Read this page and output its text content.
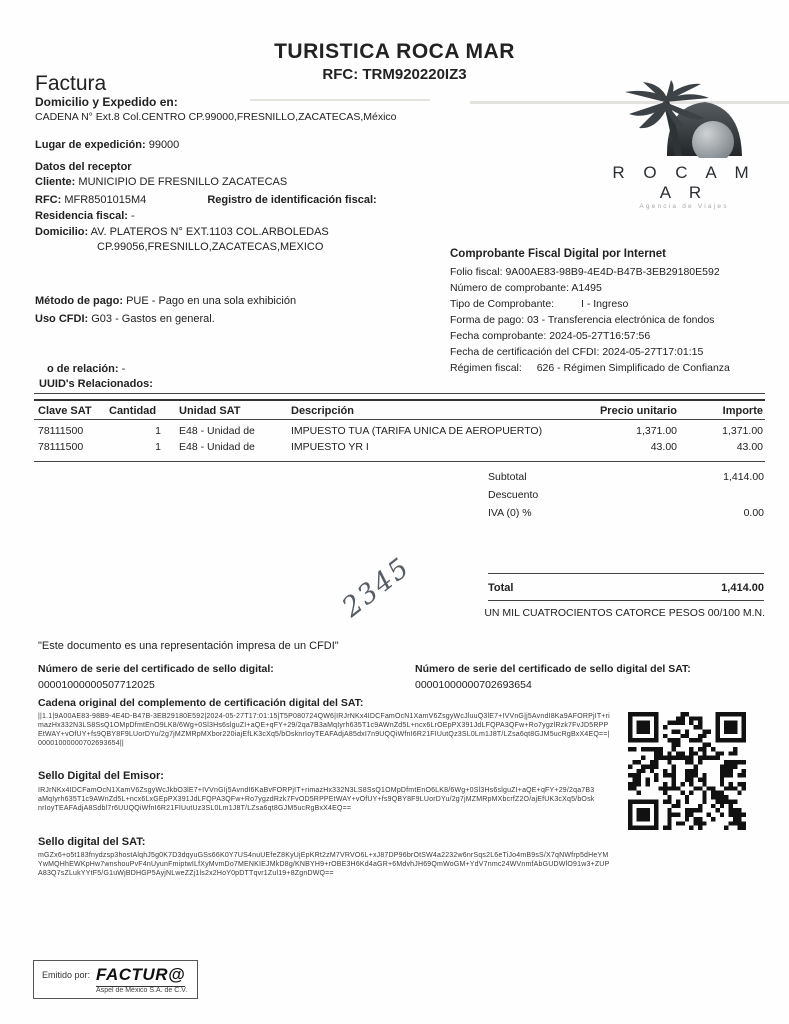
TURISTICA ROCA MAR
RFC: TRM920220IZ3
Factura
R O C A M A R
Agencia de Viajes
Domicilio y Expedido en:
CADENA N° Ext.8 Col.CENTRO CP.99000,FRESNILLO,ZACATECAS,México
Lugar de expedición: 99000
Datos del receptor
Cliente: MUNICIPIO DE FRESNILLO ZACATECAS
RFC: MFR8501015M4	Registro de identificación fiscal:
Residencia fiscal: -
Domicilio: AV. PLATEROS N° EXT.1103 COL.ARBOLEDAS
CP.99056,FRESNILLO,ZACATECAS,MEXICO
Comprobante Fiscal Digital por Internet
Folio fiscal: 9A00AE83-98B9-4E4D-B47B-3EB29180E592
Número de comprobante: A1495
Tipo de Comprobante:	I - Ingreso
Forma de pago: 03 - Transferencia electrónica de fondos
Fecha comprobante: 2024-05-27T16:57:56
Fecha de certificación del CFDI: 2024-05-27T17:01:15
Régimen fiscal: 626 - Régimen Simplificado de Confianza
Método de pago: PUE - Pago en una sola exhibición
Uso CFDI: G03 - Gastos en general.
o de relación: -
UUID's Relacionados:
Clave SAT	Cantidad	Unidad SAT	Descripción	Precio unitario	Importe
78111500	1	E48 - Unidad de	IMPUESTO TUA (TARIFA UNICA DE AEROPUERTO)	1,371.00	1,371.00
78111500	1	E48 - Unidad de	IMPUESTO YR I	43.00	43.00
Subtotal	1,414.00
Descuento
IVA (0) %	0.00
2345	Total	1,414.00
UN MIL CUATROCIENTOS CATORCE PESOS 00/100 M.N.
"Este documento es una representación impresa de un CFDI"
Número de serie del certificado de sello digital:
00001000000507712025
Número de serie del certificado de sello digital del SAT:
00001000000702693654
Cadena original del complemento de certificación digital del SAT:
||1.1|9A00AE83-98B9-4E4D-B47B-3EB29180E592|2024-05-27T17:01:15|T5P080724QW6|IRJrNKx4IDCFamOcN1XamV6ZsgyWcJluuQ3lE7+IVVnG|j5AvndI8Ka9AFORPjIT+rimazHx332N3LS8SsQ1OMpDfmtEnO9LK8/6Wg+0Sl3Hs6slguZI+aQE+qFY+29/2qa7B3aMqIyrh635T1c9AWnZd5L+ncx6LrOEpPX391JdLFQPA3QFw+Ro7ygzlRzk7FvJD5RPPEtWAY+vOfUY+fs9QBY8F9LUorDYu/2g7jMZMRpMXbor220iajEfLK3cXq5/bOsknrIoyTEAFAdjA85dxI7n9UQQiWfnI6R21FIUutQz3SL0Lm1J8T/LZsa6qt8GJM5ucRgBxX4EQ==|00001000000702693654||
Sello Digital del Emisor:
IRJrNKx4IDCFamOcN1XamV6ZsgyWcJkbO3lE7+IVVnGIj5AvndI6KaBvFORPjIT+rimazHx332N3LS8SsQ1OMpDfmtEnO6LK8/6Wg+0Sl3Hs6slguZI+aQE+qFY+29/2qa7B3aMqIyrh635T1c9AWnZd5L+ncx6LxGEpPX391JdLFQPA3QFw+Ro7ygzdRzk7FvOD5RPPEtWAY+vOfUY+fs9QBY8F9LUorDYu/2g7jMZMRpMXbcrfZ2O/ajEfUK3cXq5/bOsknrIoyTEAFAdjA8Sdbl7r6UUQQiWfnI6R21FIUutUz3SL0Lm1J8T/LZsa6qt8GJM5ucRgBxX4EQ==
Sello digital del SAT:
mGZx6+o5t183fnydzsp3hostAlqhJ5g0K7D3dqyuGSs66K0Y7US4nuUEfeZ8KyUjEpKRt2zM7VRVO6L+xJ87DP96brOtSW4a2232w6nrSqs2L6eTiJo4mB9sS/X7qNWfrp5dHeYMYwMQHhEWKpHw7wnshouPvF4nUyunFmiptwILfXyMvmDo7MENKIEJMkD8g/KNBYH9+rOBE3H6Kd4aGR+6MdvhJH69QmWoGM+YdV7nmc24WVnmfAbGUDWlO91w3+ZUPA83Q7sZLukYYtF5/G1uWjBDHGP5AyjNLweZZj1ls2x2HoY0pDTTqvr1Zul19+8ZgnDWQ==
Emitido por: FACTUR@
Aspel de México S.A. de C.V.
